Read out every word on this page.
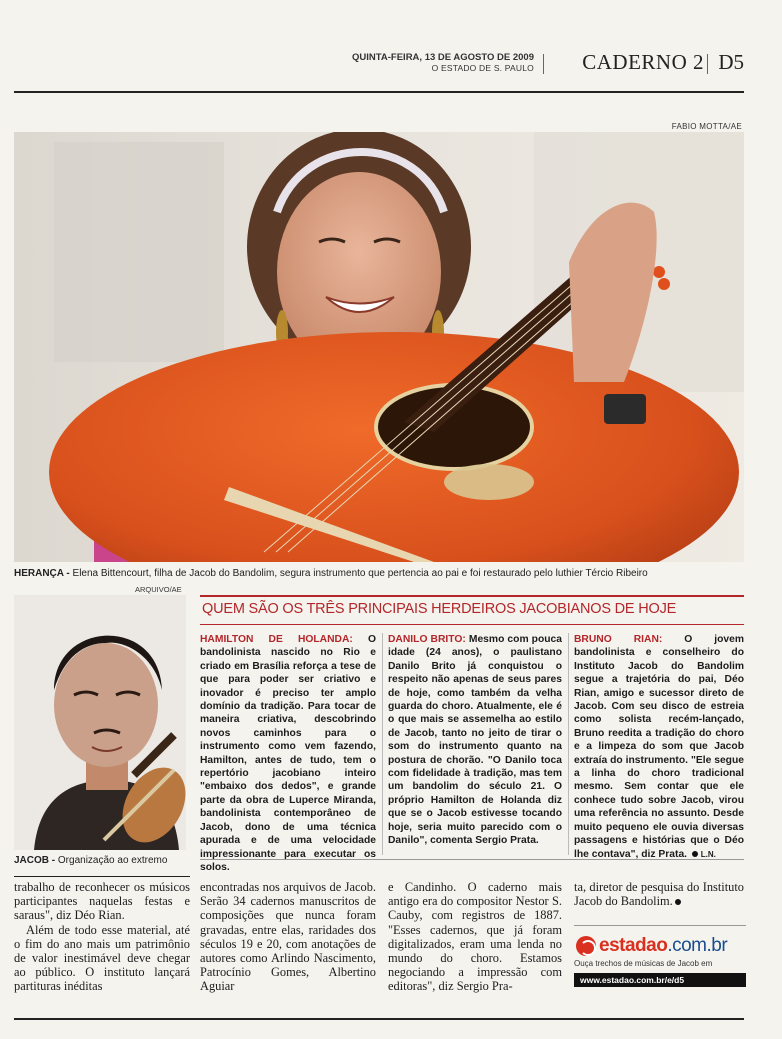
QUINTA-FEIRA, 13 DE AGOSTO DE 2009
O ESTADO DE S. PAULO CADERNO 2 D5
FABIO MOTTA/AE
HERANÇA - Elena Bittencourt, filha de Jacob do Bandolim, segura instrumento que pertencia ao pai e foi restaurado pelo luthier Tércio Ribeiro
ARQUIVO/AE
JACOB - Organização ao extremo
QUEM SÃO OS TRÊS PRINCIPAIS HERDEIROS JACOBIANOS DE HOJE
HAMILTON DE HOLANDA: O bandolinista nascido no Rio e criado em Brasília reforça a tese de que para poder ser criativo e inovador é preciso ter amplo domínio da tradição. Para tocar de maneira criativa, descobrindo novos caminhos para o instrumento como vem fazendo, Hamilton, antes de tudo, tem o repertório jacobiano inteiro "embaixo dos dedos", e grande parte da obra de Luperce Miranda, bandolinista contemporâneo de Jacob, dono de uma técnica apurada e de uma velocidade impressionante para executar os solos.
DANILO BRITO: Mesmo com pouca idade (24 anos), o paulistano Danilo Brito já conquistou o respeito não apenas de seus pares de hoje, como também da velha guarda do choro. Atualmente, ele é o que mais se assemelha ao estilo de Jacob, tanto no jeito de tirar o som do instrumento quanto na postura de chorão. "O Danilo toca com fidelidade à tradição, mas tem um bandolim do século 21. O próprio Hamilton de Holanda diz que se o Jacob estivesse tocando hoje, seria muito parecido com o Danilo", comenta Sergio Prata.
BRUNO RIAN: O jovem bandolinista e conselheiro do Instituto Jacob do Bandolim segue a trajetória do pai, Déo Rian, amigo e sucessor direto de Jacob. Com seu disco de estreia como solista recém-lançado, Bruno reedita a tradição do choro e a limpeza do som que Jacob extraía do instrumento. "Ele segue a linha do choro tradicional mesmo. Sem contar que ele conhece tudo sobre Jacob, virou uma referência no assunto. Desde muito pequeno ele ouvia diversas passagens e histórias que o Déo lhe contava", diz Prata. L.N.

trabalho de reconhecer os músicos participantes naquelas festas e saraus", diz Déo Rian.

Além de todo esse material, até o fim do ano mais um patrimônio de valor inestimável deve chegar ao público. O instituto lançará partituras inéditas

encontradas nos arquivos de Jacob. Serão 34 cadernos manuscritos de composições que nunca foram gravadas, entre elas, raridades dos séculos 19 e 20, com anotações de autores como Arlindo Nascimento, Patrocínio Gomes, Albertino Aguiar

e Candinho. O caderno mais antigo era do compositor Nestor S. Cauby, com registros de 1887. "Esses cadernos, que já foram digitalizados, eram uma lenda no mundo do choro. Estamos negociando a impressão com editoras", diz Sergio Pra-

ta, diretor de pesquisa do Instituto Jacob do Bandolim.

estadao.com.br
Ouça trechos de músicas de Jacob em
www.estadao.com.br/e/d5
